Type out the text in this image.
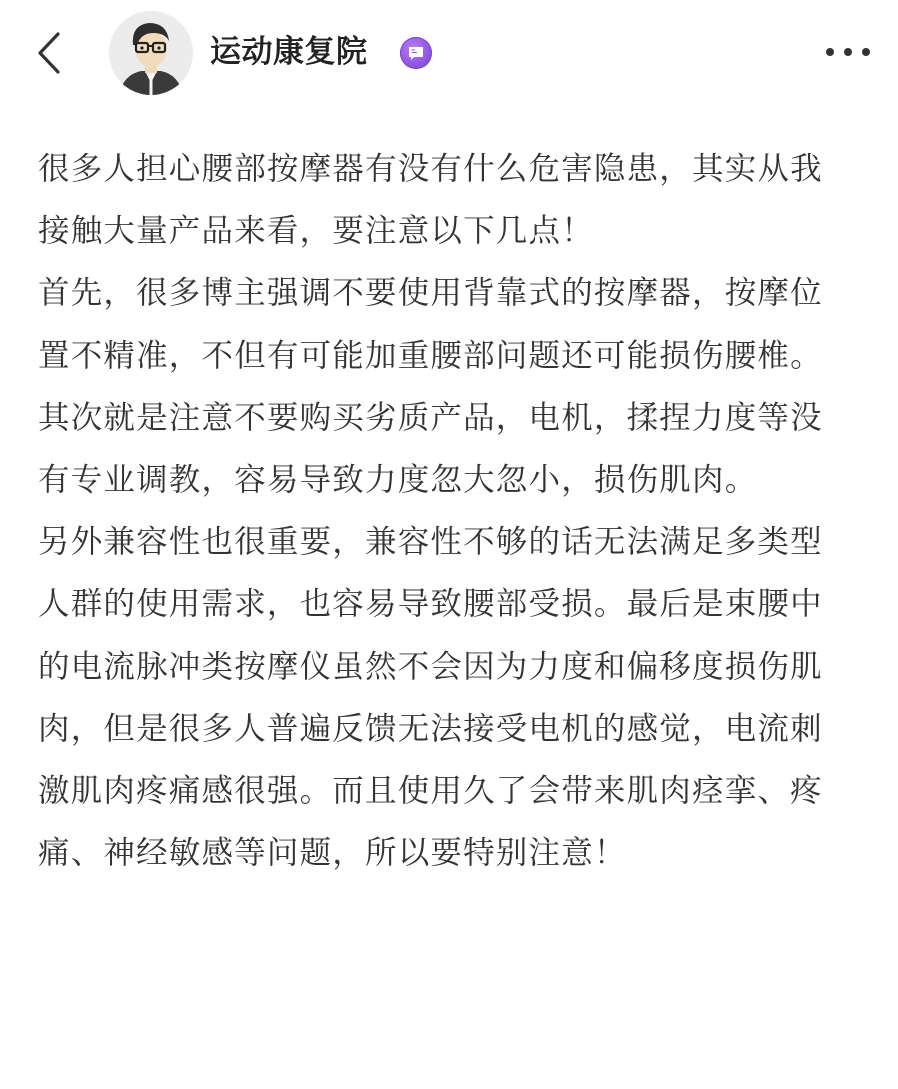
运动康复院

很多人担心腰部按摩器有没有什么危害隐患，其实从我接触大量产品来看，要注意以下几点！

首先，很多博主强调不要使用背靠式的按摩器，按摩位置不精准，不但有可能加重腰部问题还可能损伤腰椎。其次就是注意不要购买劣质产品，电机，揉捏力度等没有专业调教，容易导致力度忽大忽小，损伤肌肉。

另外兼容性也很重要，兼容性不够的话无法满足多类型人群的使用需求，也容易导致腰部受损。最后是束腰中的电流脉冲类按摩仪虽然不会因为力度和偏移度损伤肌肉，但是很多人普遍反馈无法接受电机的感觉，电流刺激肌肉疼痛感很强。而且使用久了会带来肌肉痉挛、疼痛、神经敏感等问题，所以要特别注意！
